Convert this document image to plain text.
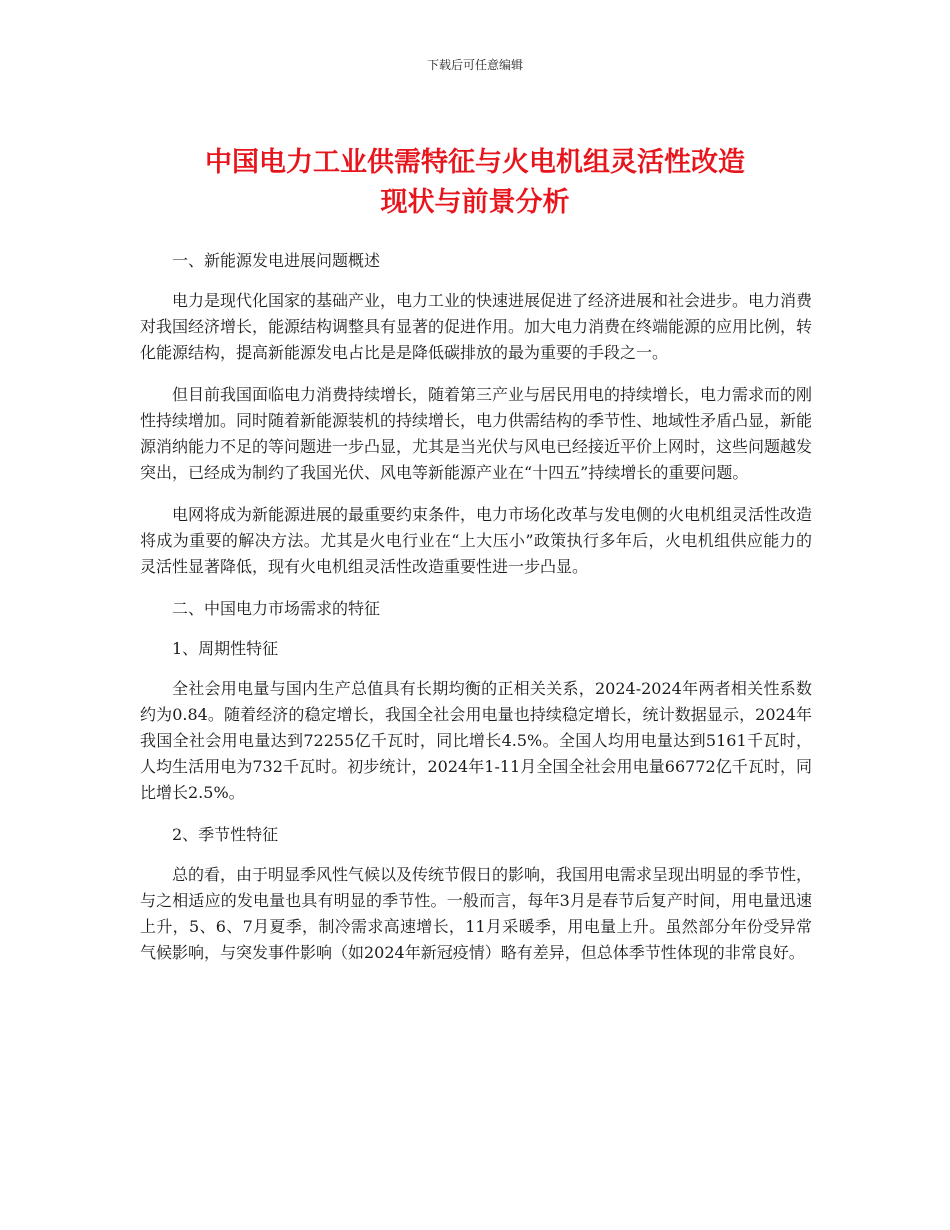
下载后可任意编辑
中国电力工业供需特征与火电机组灵活性改造
现状与前景分析

一、新能源发电进展问题概述

电力是现代化国家的基础产业，电力工业的快速进展促进了经济进展和社会进步。电力消费对我国经济增长，能源结构调整具有显著的促进作用。加大电力消费在终端能源的应用比例，转化能源结构，提高新能源发电占比是是降低碳排放的最为重要的手段之一。

但目前我国面临电力消费持续增长，随着第三产业与居民用电的持续增长，电力需求而的刚性持续增加。同时随着新能源装机的持续增长，电力供需结构的季节性、地域性矛盾凸显，新能源消纳能力不足的等问题进一步凸显，尤其是当光伏与风电已经接近平价上网时，这些问题越发突出，已经成为制约了我国光伏、风电等新能源产业在“十四五”持续增长的重要问题。

电网将成为新能源进展的最重要约束条件，电力市场化改革与发电侧的火电机组灵活性改造将成为重要的解决方法。尤其是火电行业在“上大压小”政策执行多年后，火电机组供应能力的灵活性显著降低，现有火电机组灵活性改造重要性进一步凸显。

二、中国电力市场需求的特征

1、周期性特征

全社会用电量与国内生产总值具有长期均衡的正相关关系，2024-2024年两者相关性系数约为0.84。随着经济的稳定增长，我国全社会用电量也持续稳定增长，统计数据显示，2024年我国全社会用电量达到72255亿千瓦时，同比增长4.5%。全国人均用电量达到5161千瓦时，人均生活用电为732千瓦时。初步统计，2024年1-11月全国全社会用电量66772亿千瓦时，同比增长2.5%。

2、季节性特征

总的看，由于明显季风性气候以及传统节假日的影响，我国用电需求呈现出明显的季节性，与之相适应的发电量也具有明显的季节性。一般而言，每年3月是春节后复产时间，用电量迅速上升，5、6、7月夏季，制冷需求高速增长，11月采暖季，用电量上升。虽然部分年份受异常气候影响，与突发事件影响（如2024年新冠疫情）略有差异，但总体季节性体现的非常良好。
